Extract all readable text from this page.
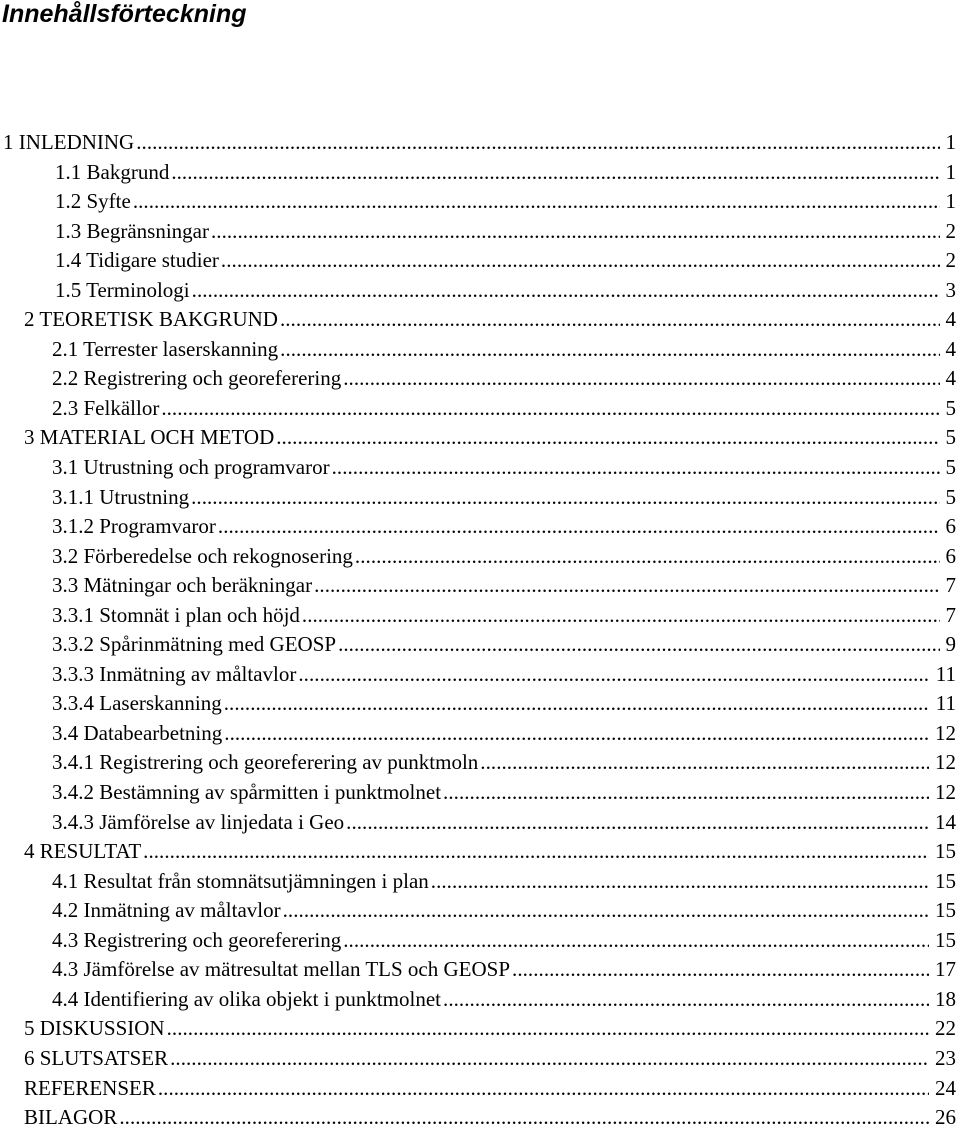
Innehållsförteckning
1 INLEDNING . . .	1
1.1 Bakgrund . . .	1
1.2 Syfte . . .	1
1.3 Begränsningar . . .	2
1.4 Tidigare studier . . .	2
1.5 Terminologi . . .	3
2 TEORETISK BAKGRUND . . .	4
2.1 Terrester laserskanning . . .	4
2.2 Registrering och georeferering . . .	4
2.3 Felkällor . . .	5
3 MATERIAL OCH METOD . . .	5
3.1 Utrustning och programvaror . . .	5
3.1.1 Utrustning . . .	5
3.1.2 Programvaror . . .	6
3.2 Förberedelse och rekognosering . . .	6
3.3 Mätningar och beräkningar . . .	7
3.3.1 Stomnät i plan och höjd . . .	7
3.3.2 Spårinmätning med GEOSP . . .	9
3.3.3 Inmätning av måltavlor . . .	11
3.3.4 Laserskanning . . .	11
3.4 Databearbetning . . .	12
3.4.1 Registrering och georeferering av punktmoln . . .	12
3.4.2 Bestämning av spårmitten i punktmolnet . . .	12
3.4.3 Jämförelse av linjedata i Geo . . .	14
4 RESULTAT . . .	15
4.1 Resultat från stomnätsutjämningen i plan . . .	15
4.2 Inmätning av måltavlor . . .	15
4.3 Registrering och georeferering . . .	15
4.3 Jämförelse av mätresultat mellan TLS och GEOSP . . .	17
4.4 Identifiering av olika objekt i punktmolnet . . .	18
5 DISKUSSION . . .	22
6 SLUTSATSER . . .	23
REFERENSER . . .	24
BILAGOR . . .	26
